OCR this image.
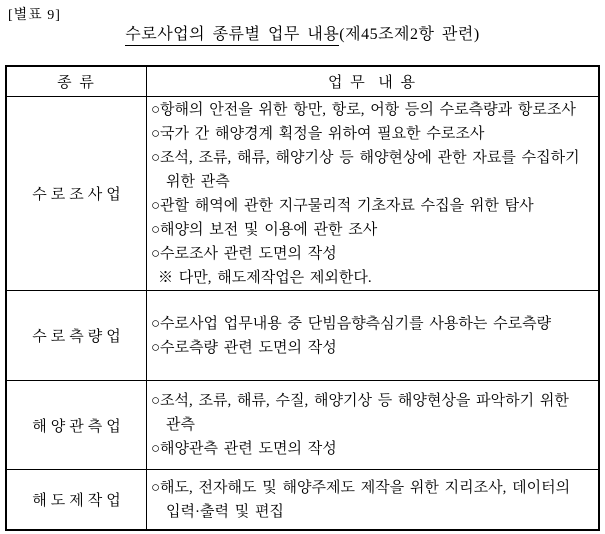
[별표 9]
수로사업의 종류별 업무 내용(제45조제2항 관련)
종 류	업 무  내 용
수로조사업
○항해의 안전을 위한 항만, 항로, 어항 등의 수로측량과 항로조사
○국가 간 해양경계 획정을 위하여 필요한 수로조사
○조석, 조류, 해류, 해양기상 등 해양현상에 관한 자료를 수집하기
위한 관측
○관할 해역에 관한 지구물리적 기초자료 수집을 위한 탐사
○해양의 보전 및 이용에 관한 조사
○수로조사 관련 도면의 작성
※ 다만, 해도제작업은 제외한다.
수로측량업
○수로사업 업무내용 중 단빔음향측심기를 사용하는 수로측량
○수로측량 관련 도면의 작성
해양관측업
○조석, 조류, 해류, 수질, 해양기상 등 해양현상을 파악하기 위한
관측
○해양관측 관련 도면의 작성
해도제작업
○해도, 전자해도 및 해양주제도 제작을 위한 지리조사, 데이터의
입력·출력 및 편집
